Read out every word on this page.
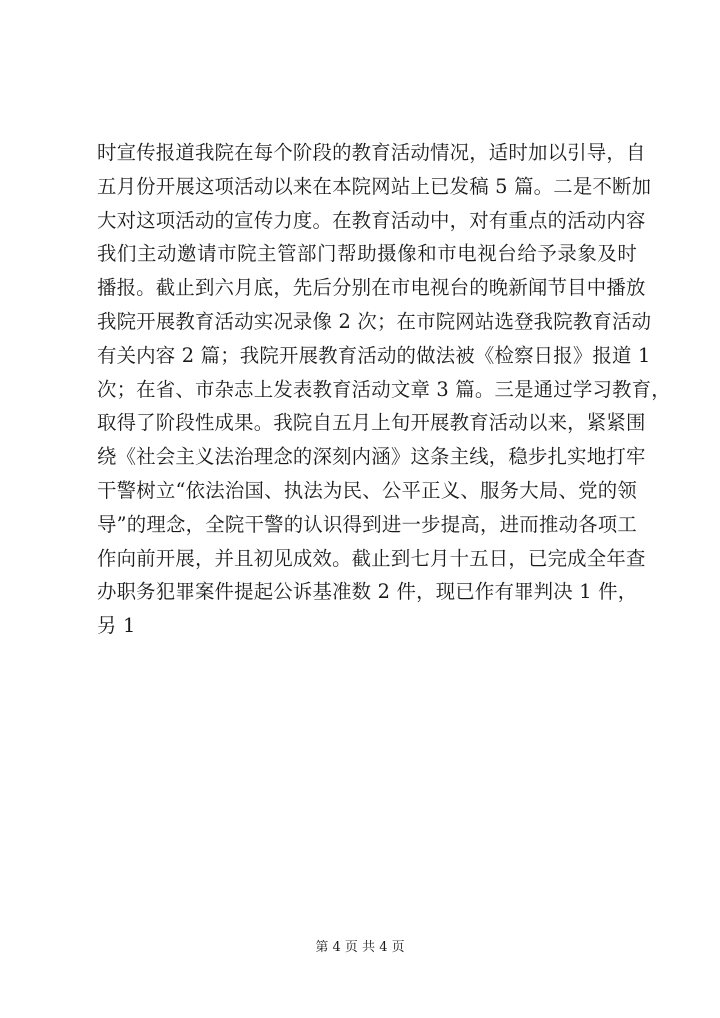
时宣传报道我院在每个阶段的教育活动情况，适时加以引导，自
五月份开展这项活动以来在本院网站上已发稿 5 篇。二是不断加
大对这项活动的宣传力度。在教育活动中，对有重点的活动内容
我们主动邀请市院主管部门帮助摄像和市电视台给予录象及时
播报。截止到六月底，先后分别在市电视台的晚新闻节目中播放
我院开展教育活动实况录像 2 次；在市院网站选登我院教育活动
有关内容 2 篇；我院开展教育活动的做法被《检察日报》报道 1
次；在省、市杂志上发表教育活动文章 3 篇。三是通过学习教育，
取得了阶段性成果。我院自五月上旬开展教育活动以来，紧紧围
绕《社会主义法治理念的深刻内涵》这条主线，稳步扎实地打牢
干警树立“依法治国、执法为民、公平正义、服务大局、党的领
导”的理念，全院干警的认识得到进一步提高，进而推动各项工
作向前开展，并且初见成效。截止到七月十五日，已完成全年查
办职务犯罪案件提起公诉基准数 2 件，现已作有罪判决 1 件，
另 1
第 4 页 共 4 页
